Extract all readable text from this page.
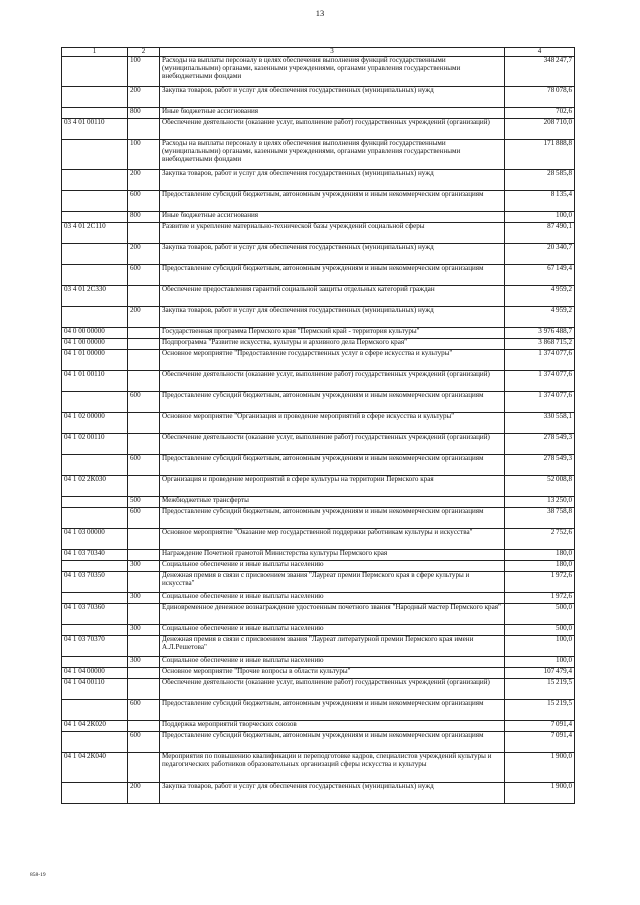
13
1	2	3	4
	100	Расходы на выплаты персоналу в целях обеспечения выполнения функций государственными (муниципальными) органами, казенными учреждениями, органами управления государственными внебюджетными фондами	348 247,7
	200	Закупка товаров, работ и услуг для обеспечения государственных (муниципальных) нужд	78 078,6
	800	Иные бюджетные ассигнования	702,6
03 4 01 00110		Обеспечение деятельности (оказание услуг, выполнение работ) государственных учреждений (организаций)	208 710,0
	100	Расходы на выплаты персоналу в целях обеспечения выполнения функций государственными (муниципальными) органами, казенными учреждениями, органами управления государственными внебюджетными фондами	171 888,8
	200	Закупка товаров, работ и услуг для обеспечения государственных (муниципальных) нужд	28 585,8
	600	Предоставление субсидий бюджетным, автономным учреждениям и иным некоммерческим организациям	8 135,4
	800	Иные бюджетные ассигнования	100,0
03 4 01 2С110		Развитие и укрепление материально-технической базы учреждений социальной сферы	87 490,1
	200	Закупка товаров, работ и услуг для обеспечения государственных (муниципальных) нужд	20 340,7
	600	Предоставление субсидий бюджетным, автономным учреждениям и иным некоммерческим организациям	67 149,4
03 4 01 2С330		Обеспечение предоставления гарантий социальной защиты отдельных категорий граждан	4 959,2
	200	Закупка товаров, работ и услуг для обеспечения государственных (муниципальных) нужд	4 959,2
04 0 00 00000		Государственная программа Пермского края "Пермский край - территория культуры"	3 976 488,7
04 1 00 00000		Подпрограмма "Развитие искусства, культуры и архивного дела Пермского края"	3 868 715,2
04 1 01 00000		Основное мероприятие "Предоставление государственных услуг в сфере искусства и культуры"	1 374 077,6
04 1 01 00110		Обеспечение деятельности (оказание услуг, выполнение работ) государственных учреждений (организаций)	1 374 077,6
	600	Предоставление субсидий бюджетным, автономным учреждениям и иным некоммерческим организациям	1 374 077,6
04 1 02 00000		Основное мероприятие "Организация и проведение мероприятий в сфере искусства и культуры"	330 558,1
04 1 02 00110		Обеспечение деятельности (оказание услуг, выполнение работ) государственных учреждений (организаций)	278 549,3
	600	Предоставление субсидий бюджетным, автономным учреждениям и иным некоммерческим организациям	278 549,3
04 1 02 2К030		Организация и проведение мероприятий в сфере культуры на территории Пермского края	52 008,8
	500	Межбюджетные трансферты	13 250,0
	600	Предоставление субсидий бюджетным, автономным учреждениям и иным некоммерческим организациям	38 758,8
04 1 03 00000		Основное мероприятие "Оказание мер государственной поддержки работникам культуры и искусства"	2 752,6
04 1 03 70340		Награждение Почетной грамотой Министерства культуры Пермского края	180,0
	300	Социальное обеспечение и иные выплаты населению	180,0
04 1 03 70350		Денежная премия в связи с присвоением звания "Лауреат премии Пермского края в сфере культуры и искусства"	1 972,6
	300	Социальное обеспечение и иные выплаты населению	1 972,6
04 1 03 70360		Единовременное денежное вознаграждение удостоенным почетного звания "Народный мастер Пермского края"	500,0
	300	Социальное обеспечение и иные выплаты населению	500,0
04 1 03 70370		Денежная премия в связи с присвоением звания "Лауреат литературной премии Пермского края имени А.Л.Решетова"	100,0
	300	Социальное обеспечение и иные выплаты населению	100,0
04 1 04 00000		Основное мероприятие "Прочие вопросы в области культуры"	107 479,4
04 1 04 00110		Обеспечение деятельности (оказание услуг, выполнение работ) государственных учреждений (организаций)	15 219,5
	600	Предоставление субсидий бюджетным, автономным учреждениям и иным некоммерческим организациям	15 219,5
04 1 04 2К020		Поддержка мероприятий творческих союзов	7 091,4
	600	Предоставление субсидий бюджетным, автономным учреждениям и иным некоммерческим организациям	7 091,4
04 1 04 2К040		Мероприятия по повышению квалификации и переподготовке кадров, специалистов учреждений культуры и педагогических работников образовательных организаций сферы искусства и культуры	1 900,0
	200	Закупка товаров, работ и услуг для обеспечения государственных (муниципальных) нужд	1 900,0
858-19
